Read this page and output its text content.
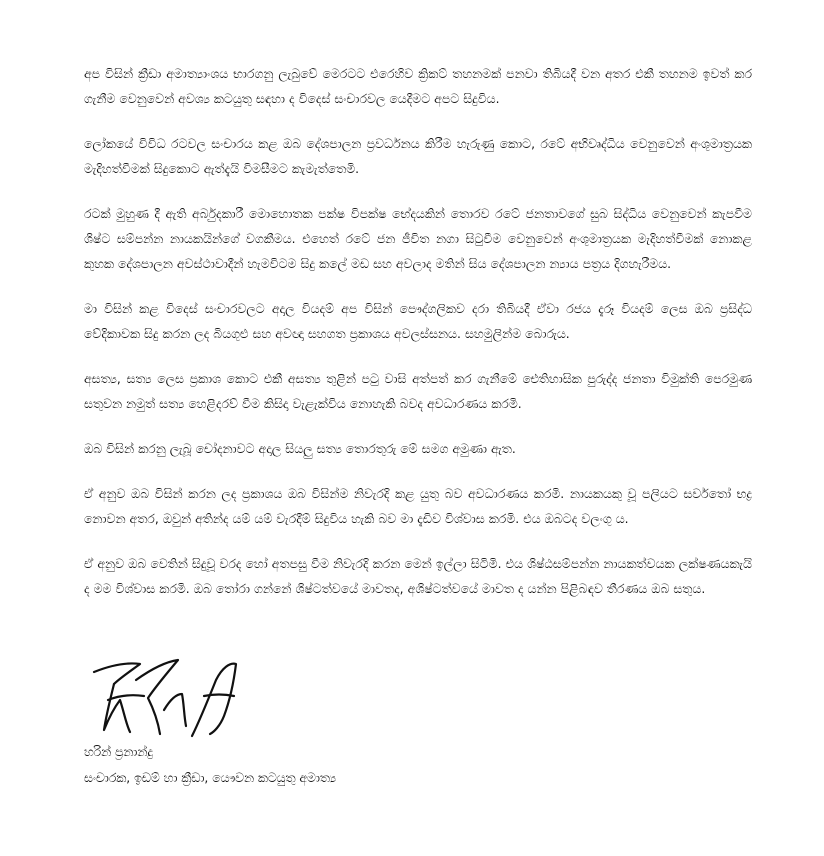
අප විසින් ක්‍රීඩා අමාත්‍යාංශය භාරගනු ලැබුවේ මෙරටට එරෙහිව ක්‍රිකට් තහනමක් පනවා තිබියදී වන අතර එකී තහනම ඉවත් කර ගැනීම වෙනුවෙන් අවශ්‍ය කටයුතු සඳහා ද විදෙස් සංචාරවල යෙදීමට අපට සිදුවිය.

ලෝකයේ විවිධ රටවල සංචාරය කළ ඔබ දේශපාලන ප්‍රවර්ධනය කිරීම හැරුණු කොට, රටේ අභිවෘද්ධිය වෙනුවෙන් අංශුමාත්‍රයක මැදිහත්වීමක් සිදුකොට ඇත්දැයි විමසීමට කැමැත්තෙමි.

රටක් මුහුණ දී ඇති අර්බුදකාරී මොහොතක පක්ෂ විපක්ෂ භේදයකින් තොරව රටේ ජනතාවගේ සුබ සිද්ධිය වෙනුවෙන් කැපවීම ශිෂ්ට සම්පන්න නායකයින්ගේ වගකීමය. එහෙත් රටේ ජන ජීවිත නගා සිටුවීම වෙනුවෙන් අංශුමාත්‍රයක මැදිහත්වීමක් නොකළ කුහක දේශපාලන අවස්ථාවාදීන් හැමවිටම සිදු කලේ මඩ සහ අවලාද මතින් සිය දේශපාලන න්‍යාය පත්‍රය දිගහැරීමය.

මා විසින් කළ විදෙස් සංචාරවලට අදාල වියදම් අප විසින් පෞද්ගලිකව දරා තිබියදී ඒවා රජය දැරූ වියදම් ලෙස ඔබ ප්‍රසිද්ධ වේදිකාවක සිදු කරන ලද බියගුළු සහ අවඥා සහගත ප්‍රකාශය අවලස්සනය. සහමුලින්ම බොරුය.

අසත්‍ය, සත්‍ය ලෙස ප්‍රකාශ කොට එකී අසත්‍ය තුළින් පටු වාසි අත්පත් කර ගැනීමේ ඓතිහාසික පුරුද්ද ජනතා විමුක්ති පෙරමුණ සතුවන නමුත් සත්‍ය හෙළිදරව් වීම කිසිදා වැළැක්විය නොහැකි බවද අවධාරණය කරමි.

ඔබ විසින් කරනු ලැබූ චෝදනාවට අදාල සියලු සත්‍ය තොරතුරු මේ සමග අමුණා ඇත.

ඒ අනුව ඔබ විසින් කරන ලද ප්‍රකාශය ඔබ විසින්ම නිවැරදි කළ යුතු බව අවධාරණය කරමි. නායකයකු වූ පලියට සර්වතෝ භද්‍ර නොවන අතර, ඔවුන් අතින්ද යම් යම් වැරදීම් සිදුවිය හැකි බව මා දැඩිව විශ්වාස කරමි. එය ඔබටද වලංගු ය.

ඒ අනුව ඔබ වෙතින් සිදුවූ වරද හෝ අතපසු වීම නිවැරදි කරන මෙන් ඉල්ලා සිටිමි. එය ශිෂ්ඨසම්පන්න නායකත්වයක ලක්ෂණයකැයි ද මම විශ්වාස කරමි. ඔබ තෝරා ගන්නේ ශිෂ්ටත්වයේ මාවතද, අශිෂ්ටත්වයේ මාවත ද යන්න පිළිබඳව තීරණය ඔබ සතුය.

හරින් ප්‍රනාන්දු
සංචාරක, ඉඩම් හා ක්‍රීඩා, යෞවන කටයුතු අමාත්‍ය
